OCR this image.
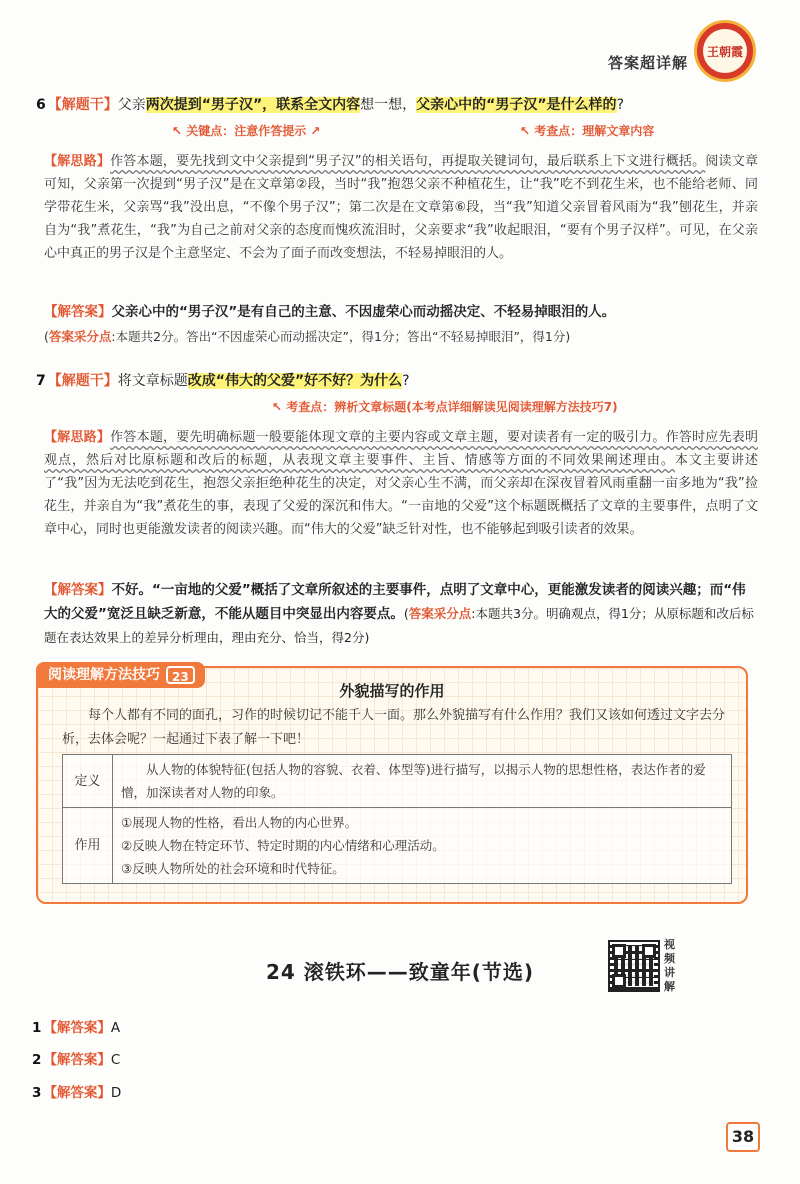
答案超详解
王朝霞
6 【解题干】父亲两次提到“男子汉”，联系全文内容想一想，父亲心中的“男子汉”是什么样的?
↖ 关键点：注意作答提示 ↗	↖ 考查点：理解文章内容
【解思路】作答本题，要先找到文中父亲提到“男子汉”的相关语句，再提取关键词句，最后联系上下文进行概括。阅读文章可知，父亲第一次提到“男子汉”是在文章第②段，当时“我”抱怨父亲不种植花生，让“我”吃不到花生米，也不能给老师、同学带花生米，父亲骂“我”没出息，“不像个男子汉”；第二次是在文章第⑥段，当“我”知道父亲冒着风雨为“我”刨花生，并亲自为“我”煮花生，“我”为自己之前对父亲的态度而愧疚流泪时，父亲要求“我”收起眼泪，“要有个男子汉样”。可见，在父亲心中真正的男子汉是个主意坚定、不会为了面子而改变想法，不轻易掉眼泪的人。
【解答案】父亲心中的“男子汉”是有自己的主意、不因虚荣心而动摇决定、不轻易掉眼泪的人。
(答案采分点:本题共2分。答出“不因虚荣心而动摇决定”，得1分；答出“不轻易掉眼泪”，得1分)
7 【解题干】将文章标题改成“伟大的父爱”好不好？为什么?
↖ 考查点：辨析文章标题(本考点详细解读见阅读理解方法技巧7)
【解思路】作答本题，要先明确标题一般要能体现文章的主要内容或文章主题，要对读者有一定的吸引力。作答时应先表明观点，然后对比原标题和改后的标题，从表现文章主要事件、主旨、情感等方面的不同效果阐述理由。本文主要讲述了“我”因为无法吃到花生，抱怨父亲拒绝种花生的决定，对父亲心生不满，而父亲却在深夜冒着风雨重翻一亩多地为“我”捡花生，并亲自为“我”煮花生的事，表现了父爱的深沉和伟大。“一亩地的父爱”这个标题既概括了文章的主要事件，点明了文章中心，同时也更能激发读者的阅读兴趣。而“伟大的父爱”缺乏针对性，也不能够起到吸引读者的效果。
【解答案】不好。“一亩地的父爱”概括了文章所叙述的主要事件，点明了文章中心，更能激发读者的阅读兴趣；而“伟大的父爱”宽泛且缺乏新意，不能从题目中突显出内容要点。(答案采分点:本题共3分。明确观点，得1分；从原标题和改后标题在表达效果上的差异分析理由，理由充分、恰当，得2分)
阅读理解方法技巧 23
外貌描写的作用
每个人都有不同的面孔，习作的时候切记不能千人一面。那么外貌描写有什么作用？我们又该如何透过文字去分析，去体会呢？一起通过下表了解一下吧！
定义	从人物的体貌特征(包括人物的容貌、衣着、体型等)进行描写，以揭示人物的思想性格，表达作者的爱憎，加深读者对人物的印象。
作用	①展现人物的性格，看出人物的内心世界。
②反映人物在特定环节、特定时期的内心情绪和心理活动。
③反映人物所处的社会环境和时代特征。
24 滚铁环——致童年(节选)
视频讲解
1 【解答案】A
2 【解答案】C
3 【解答案】D
38
